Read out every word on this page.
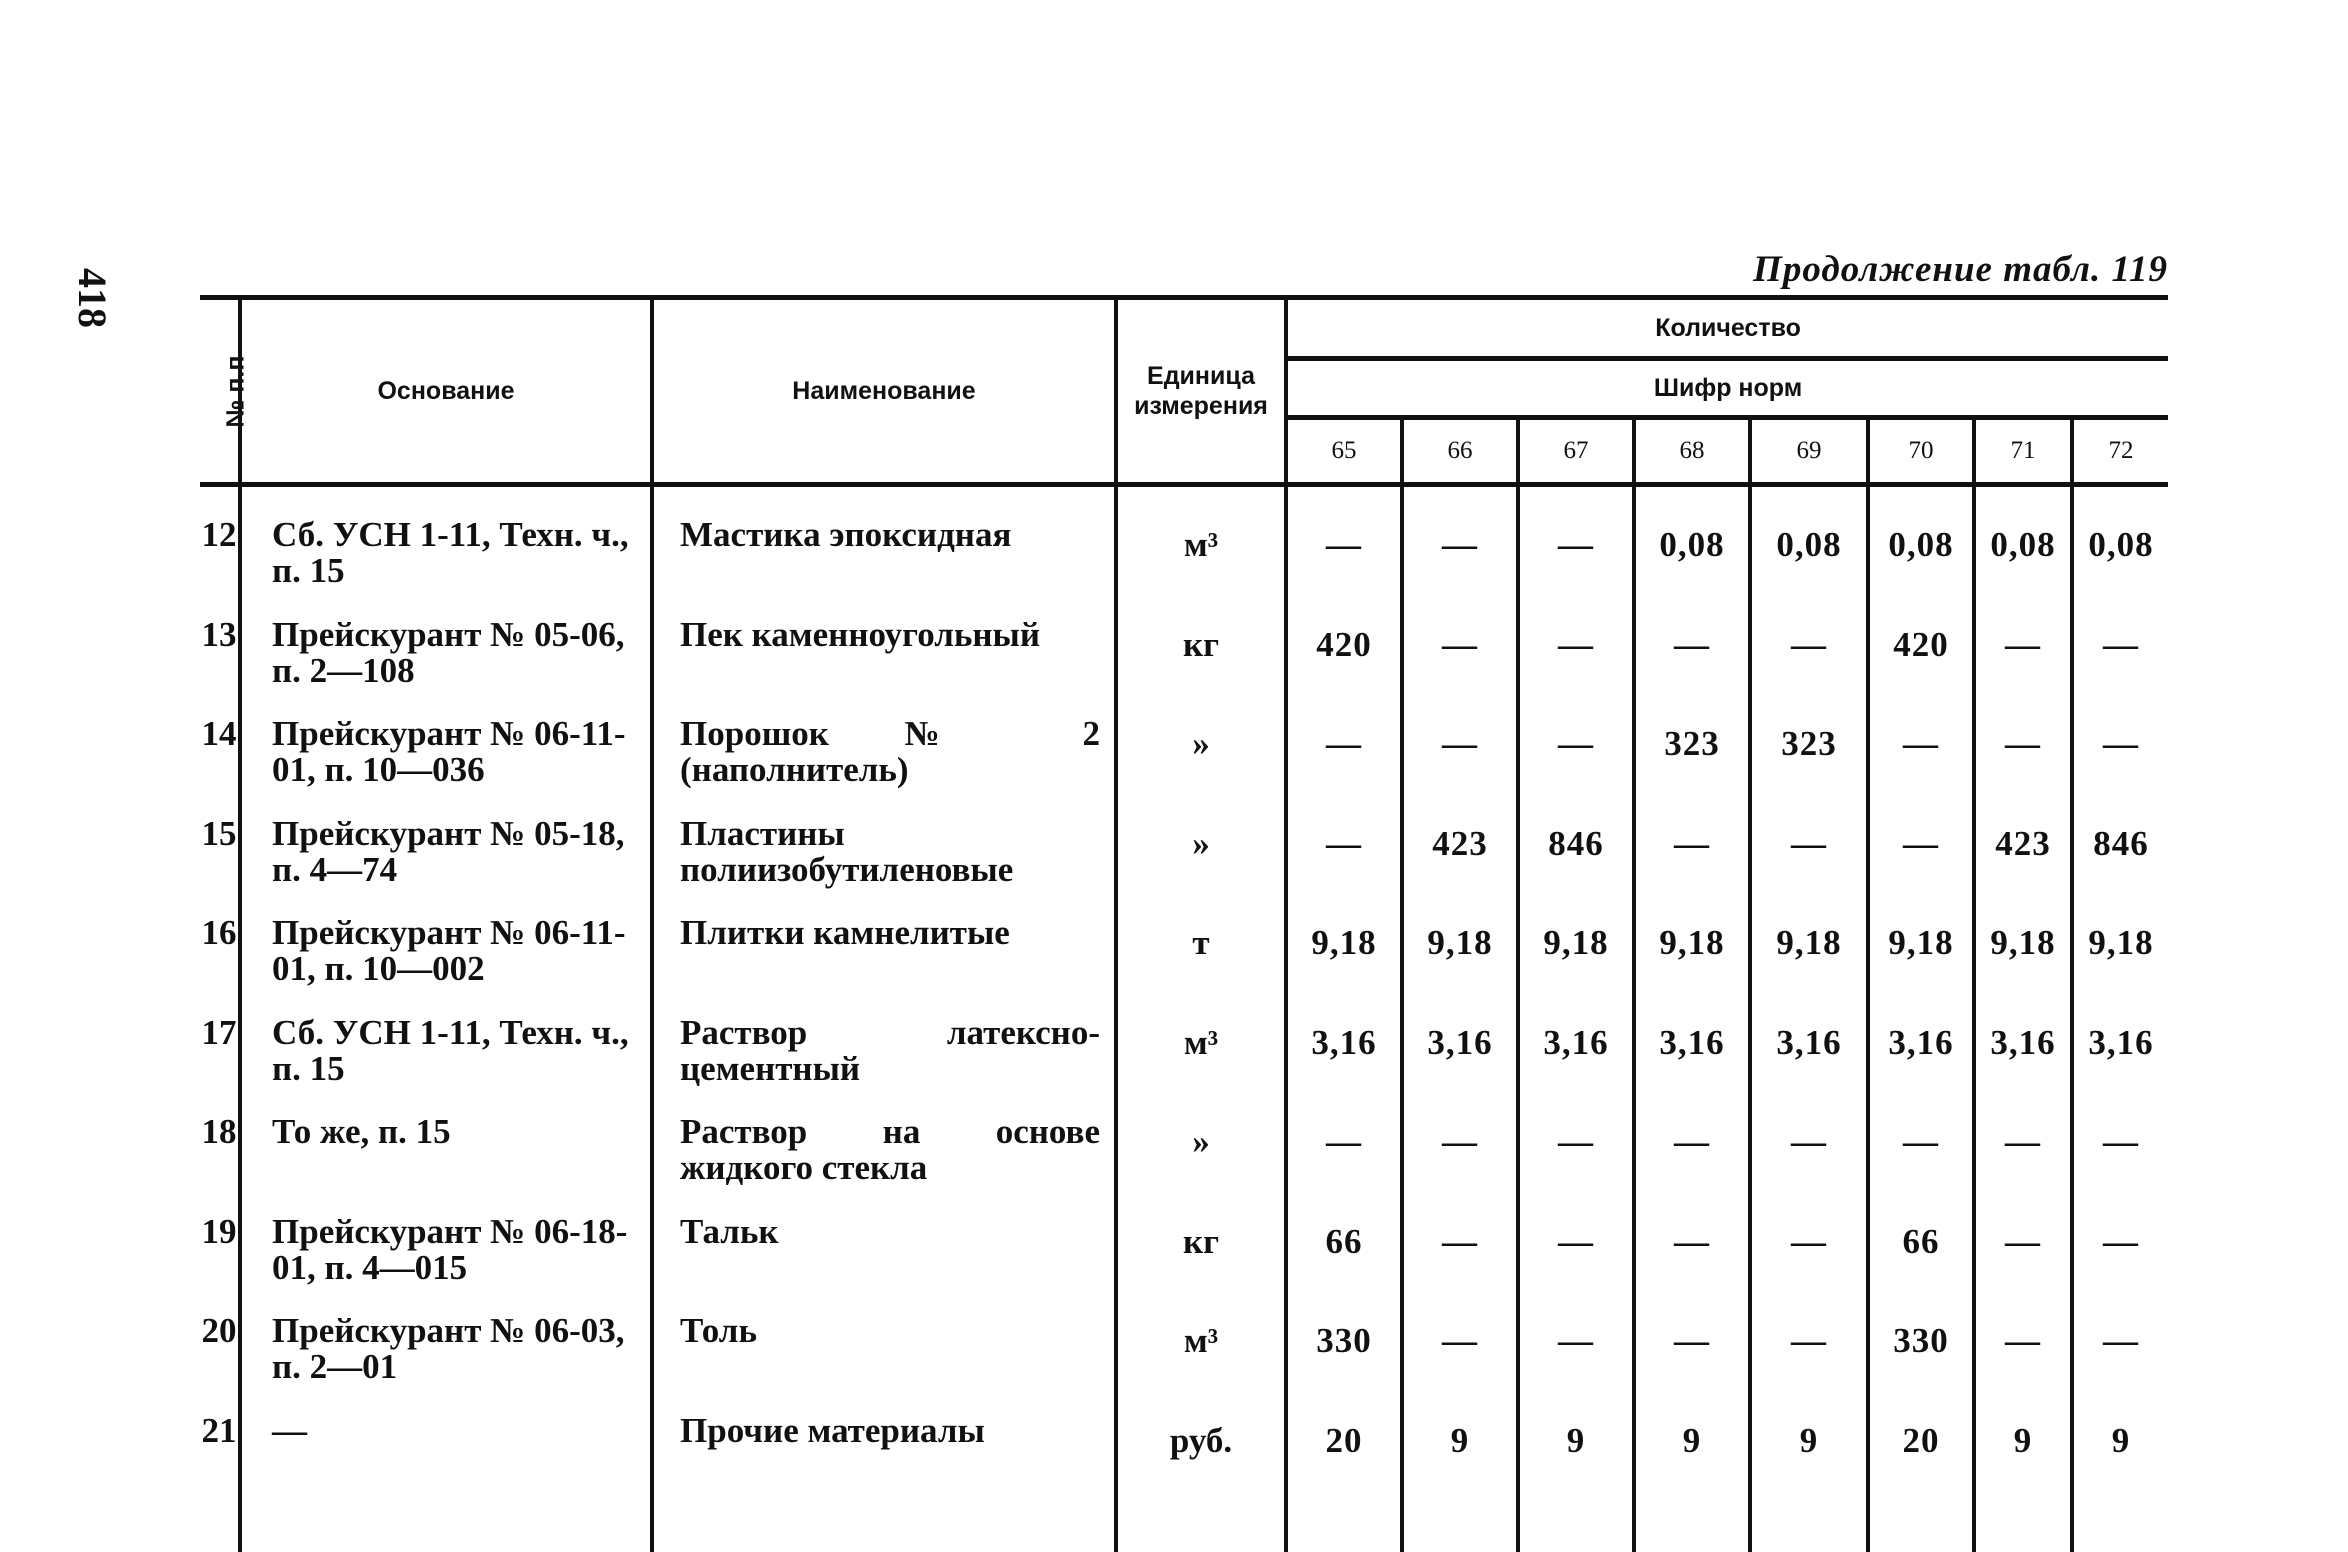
418	Продолжение табл. 119
№ п.п	Основание	Наименование	Единица измерения	Количество							
				Шифр норм							
				65	66	67	68	69	70	71	72
12	Сб. УСН 1-11, Техн. ч., п. 15	Мастика эпоксидная	м³	—	—	—	0,08	0,08	0,08	0,08	0,08
13	Прейскурант № 05-06, п. 2—108	Пек каменноугольный	кг	420	—	—	—	—	420	—	—
14	Прейскурант № 06-11-01, п. 10—036	Порошок № 2 (наполнитель)	»	—	—	—	323	323	—	—	—
15	Прейскурант № 05-18, п. 4—74	Пластины полиизобутиленовые	»	—	423	846	—	—	—	423	846
16	Прейскурант № 06-11-01, п. 10—002	Плитки камнелитые	т	9,18	9,18	9,18	9,18	9,18	9,18	9,18	9,18
17	Сб. УСН 1-11, Техн. ч., п. 15	Раствор латексно-цементный	м³	3,16	3,16	3,16	3,16	3,16	3,16	3,16	3,16
18	То же, п. 15	Раствор на основе жидкого стекла	»	—	—	—	—	—	—	—	—
19	Прейскурант № 06-18-01, п. 4—015	Тальк	кг	66	—	—	—	—	66	—	—
20	Прейскурант № 06-03, п. 2—01	Толь	м³	330	—	—	—	—	330	—	—
21	—	Прочие материалы	руб.	20	9	9	9	9	20	9	9
